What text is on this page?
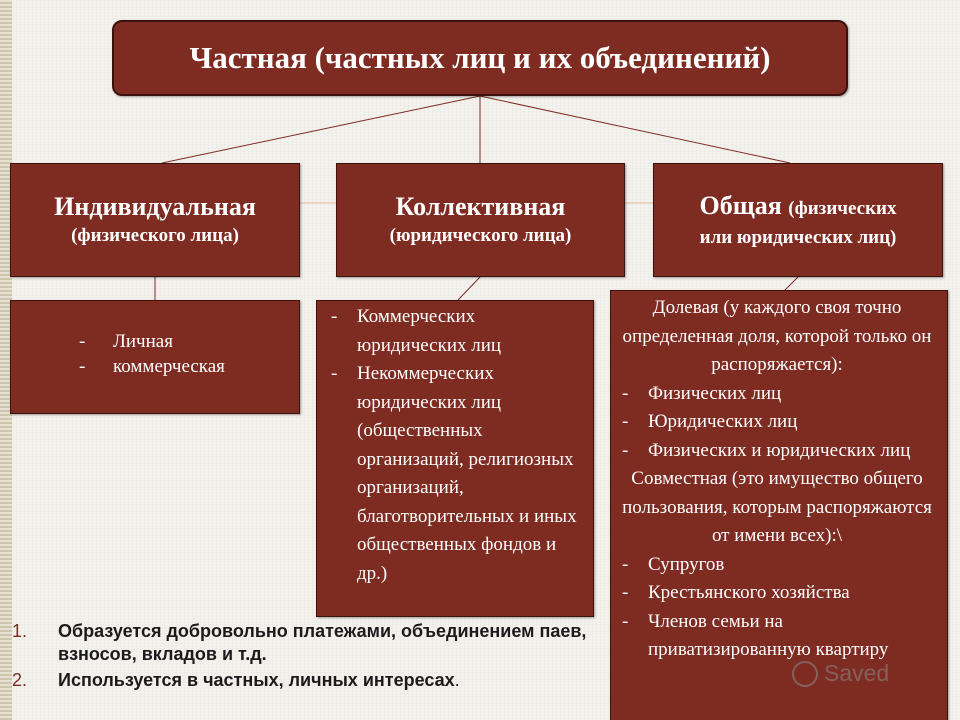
Частная (частных лиц и их объединений)
Индивидуальная
(физического лица)
Коллективная
(юридического лица)
Общая (физических
или юридических лиц)
- Личная
- коммерческая
- Коммерческих юридических лиц
- Некоммерческих юридических лиц (общественных организаций, религиозных организаций, благотворительных и иных общественных фондов и др.)
Долевая (у каждого своя точно определенная доля, которой только он распоряжается):
- Физических лиц
- Юридических лиц
- Физических и юридических лиц
Совместная (это имущество общего пользования, которым распоряжаются от имени всех):\
- Супругов
- Крестьянского хозяйства
- Членов семьи на приватизированную квартиру
1. Образуется добровольно платежами, объединением паев, взносов, вкладов и т.д.
2. Используется в частных, личных интересах.	Saved
